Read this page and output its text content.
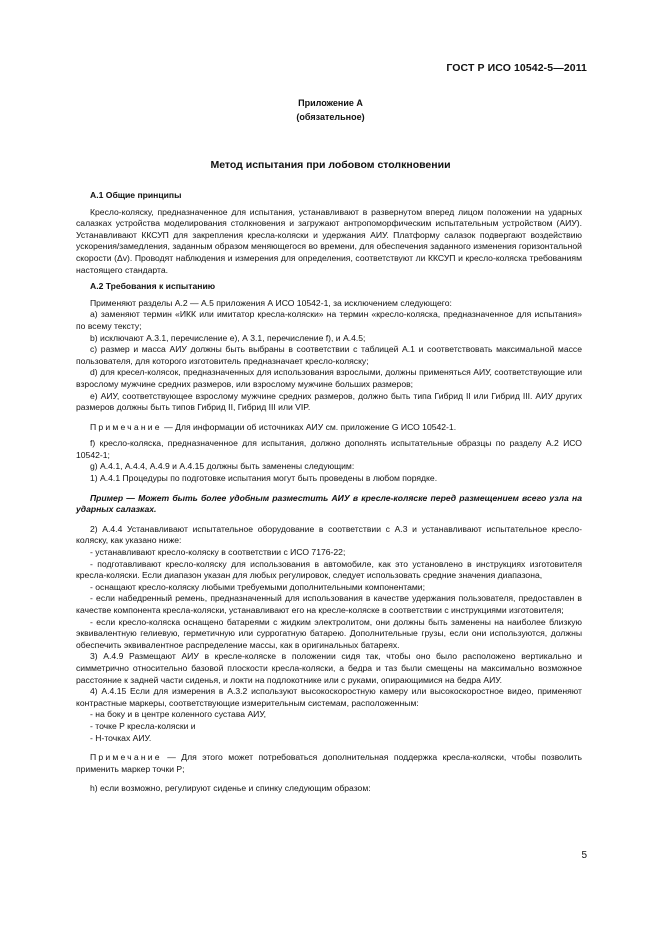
ГОСТ Р ИСО 10542-5—2011
Приложение А
(обязательное)
Метод испытания при лобовом столкновении

А.1 Общие принципы

Кресло-коляску, предназначенное для испытания, устанавливают в развернутом вперед лицом положении на ударных салазках устройства моделирования столкновения и загружают антропоморфическим испытательным устройством (АИУ). Устанавливают ККСУП для закрепления кресла-коляски и удержания АИУ. Платформу салазок подвергают воздействию ускорения/замедления, заданным образом меняющегося во времени, для обеспечения заданного изменения горизонтальной скорости (Δv). Проводят наблюдения и измерения для определения, соответствуют ли ККСУП и кресло-коляска требованиям настоящего стандарта.

А.2 Требования к испытанию

Применяют разделы А.2 — А.5 приложения А ИСО 10542-1, за исключением следующего:

а) заменяют термин «ИКК или имитатор кресла-коляски» на термин «кресло-коляска, предназначенное для испытания» по всему тексту;

b) исключают А.3.1, перечисление е), А 3.1, перечисление f), и А.4.5;

c) размер и масса АИУ должны быть выбраны в соответствии с таблицей А.1 и соответствовать максимальной массе пользователя, для которого изготовитель предназначает кресло-коляску;

d) для кресел-колясок, предназначенных для использования взрослыми, должны применяться АИУ, соответствующие или взрослому мужчине средних размеров, или взрослому мужчине больших размеров;

е) АИУ, соответствующее взрослому мужчине средних размеров, должно быть типа Гибрид II или Гибрид III. АИУ других размеров должны быть типов Гибрид II, Гибрид III или VIP.

Примечание — Для информации об источниках АИУ см. приложение G ИСО 10542-1.

f) кресло-коляска, предназначенное для испытания, должно дополнять испытательные образцы по разделу А.2 ИСО 10542-1;

g) А.4.1, А.4.4, А.4.9 и А.4.15 должны быть заменены следующим:

1) А.4.1 Процедуры по подготовке испытания могут быть проведены в любом порядке.

Пример — Может быть более удобным разместить АИУ в кресле-коляске перед размещением всего узла на ударных салазках.

2) А.4.4 Устанавливают испытательное оборудование в соответствии с А.3 и устанавливают испытательное кресло-коляску, как указано ниже:

- устанавливают кресло-коляску в соответствии с ИСО 7176-22;

- подготавливают кресло-коляску для использования в автомобиле, как это установлено в инструкциях изготовителя кресла-коляски. Если диапазон указан для любых регулировок, следует использовать средние значения диапазона,

- оснащают кресло-коляску любыми требуемыми дополнительными компонентами;

- если набедренный ремень, предназначенный для использования в качестве удержания пользователя, предоставлен в качестве компонента кресла-коляски, устанавливают его на кресле-коляске в соответствии с инструкциями изготовителя;

- если кресло-коляска оснащено батареями с жидким электролитом, они должны быть заменены на наиболее близкую эквивалентную гелиевую, герметичную или суррогатную батарею. Дополнительные грузы, если они используются, должны обеспечить эквивалентное распределение массы, как в оригинальных батареях.

3) А.4.9 Размещают АИУ в кресле-коляске в положении сидя так, чтобы оно было расположено вертикально и симметрично относительно базовой плоскости кресла-коляски, а бедра и таз были смещены на максимально возможное расстояние к задней части сиденья, и локти на подлокотнике или с руками, опирающимися на бедра АИУ.

4) А.4.15 Если для измерения в А.3.2 используют высокоскоростную камеру или высокоскоростное видео, применяют контрастные маркеры, соответствующие измерительным системам, расположенным:

- на боку и в центре коленного сустава АИУ,

- точке P кресла-коляски и

- H-точках АИУ.

Примечание — Для этого может потребоваться дополнительная поддержка кресла-коляски, чтобы позволить применить маркер точки P;

h) если возможно, регулируют сиденье и спинку следующим образом:

5
